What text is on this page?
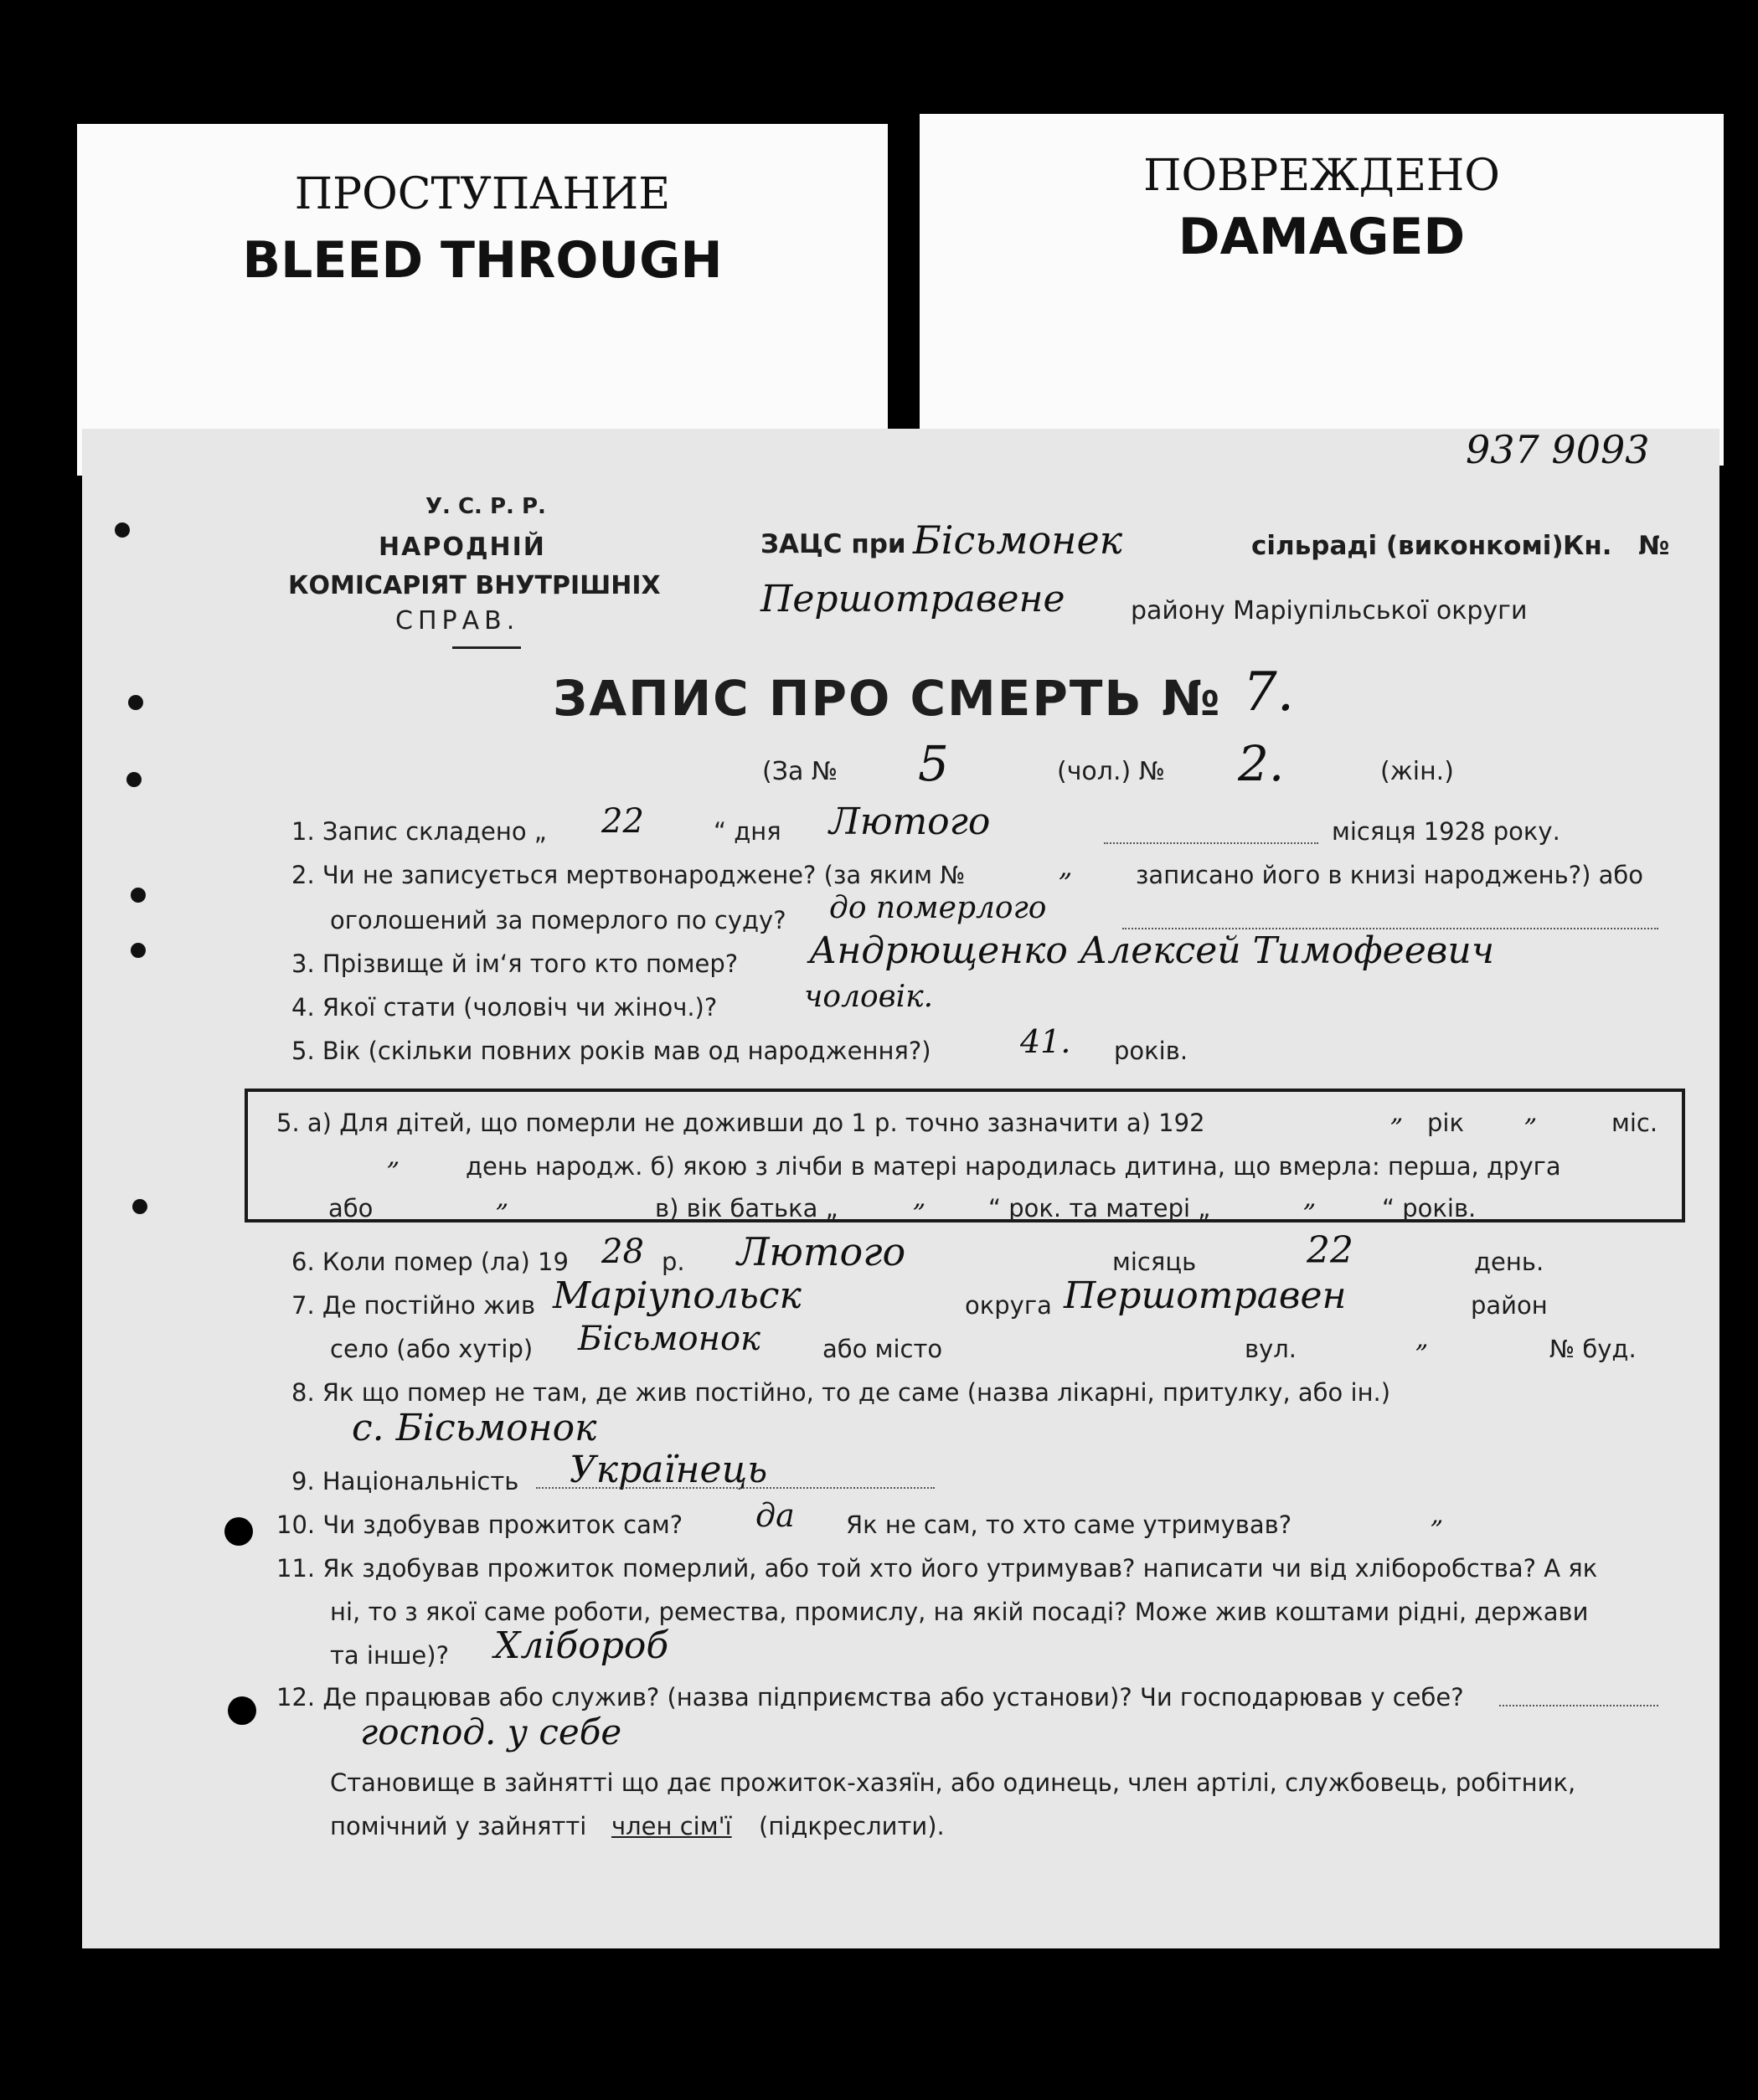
ПРОСТУПАНИЕ
BLEED THROUGH
ПОВРЕЖДЕНО
DAMAGED
937 9093
У. С. Р. Р.
НАРОДНІЙ
КОМІСАРІЯТ ВНУТРІШНІХ
СПРАВ.
ЗАЦС при Бісьмонек	сільраді (виконкомі) Кн. №
Першотравене	району Маріупільської округи
ЗАПИС ПРО СМЕРТЬ № 7.
(За № 5	(чол.) № 2.	(жін.)
1. Запис складено „ 22	“ дня Лютого	місяця 1928 року.
2. Чи не записується мертвонароджене? (за яким №	„	записано його в книзі народжень?) або
оголошений за померлого по суду? до померлого
3. Прізвище й ім‘я того кто помер? Андрющенко Алексей Тимофеевич
4. Якої стати (чоловіч чи жіноч.)?	чоловік.
5. Вік (скільки повних років мав од народження?)	41. років.
5. а) Для дітей, що померли не доживши до 1 р. точно зазначити а) 192	„ рік „	міс.
„	день народж. б) якою з лічби в матері народилась дитина, що вмерла: перша, друга
або	„	в) вік батька „	„	“ рок. та матері „	„	“ років.
6. Коли помер (ла) 19 28 р. Лютого	місяць	22	день.
7. Де постійно жив Маріупольск	округа Першотравен	район
село (або хутір) Бісьмонок	або місто	вул.	„	№ буд.
8. Як що помер не там, де жив постійно, то де саме (назва лікарні, притулку, або ін.)
с. Бісьмонок
9. Національність Українець
10. Чи здобував прожиток сам? да Як не сам, то хто саме утримував?	„
11. Як здобував прожиток померлий, або той хто його утримував? написати чи від хліборобства? А як
ні, то з якої саме роботи, ремества, промислу, на якій посаді? Може жив коштами рідні, держави
та інше)? Хлібороб
12. Де працював або служив? (назва підприємства або установи)? Чи господарював у себе?
господ. у себе
Становище в зайнятті що дає прожиток-хазяїн, або одинець, член артілі, службовець, робітник,
помічний у зайнятті член сім'ї (підкреслити).
